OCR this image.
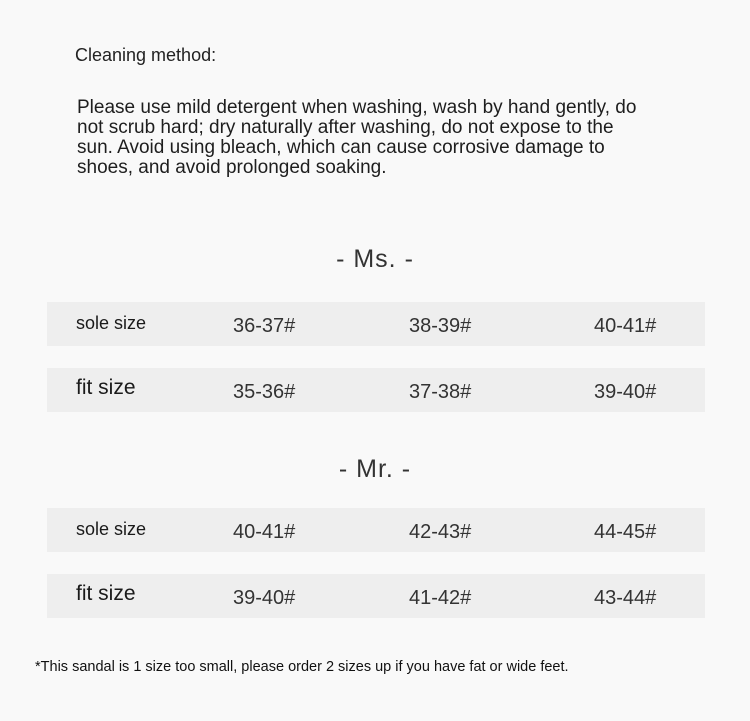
Cleaning method:
Please use mild detergent when washing, wash by hand gently, do not scrub hard; dry naturally after washing, do not expose to the sun. Avoid using bleach, which can cause corrosive damage to shoes, and avoid prolonged soaking.
- Ms. -
sole size	36-37#	38-39#	40-41#
fit size	35-36#	37-38#	39-40#
- Mr. -
sole size	40-41#	42-43#	44-45#
fit size	39-40#	41-42#	43-44#
*This sandal is 1 size too small, please order 2 sizes up if you have fat or wide feet.
